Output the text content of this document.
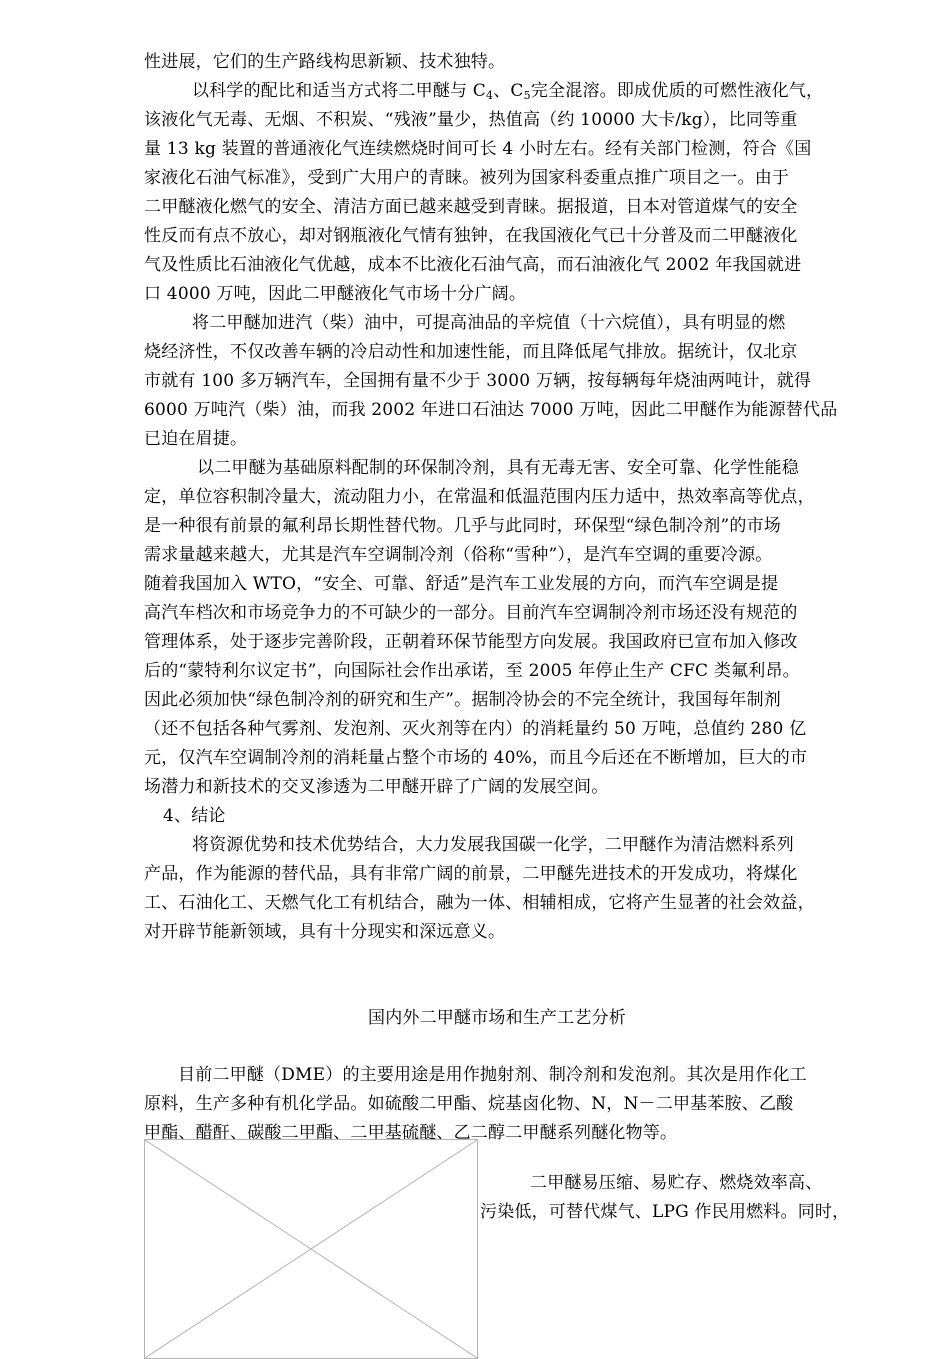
性进展，它们的生产路线构思新颖、技术独特。
以科学的配比和适当方式将二甲醚与 $C_4$、$C_5$完全混溶。即成优质的可燃性液化气，
该液化气无毒、无烟、不积炭、“残液”量少，热值高（约 10000 大卡/kg），比同等重
量 13 kg 装置的普通液化气连续燃烧时间可长 4 小时左右。经有关部门检测，符合《国
家液化石油气标准》，受到广大用户的青睐。被列为国家科委重点推广项目之一。由于
二甲醚液化燃气的安全、清洁方面已越来越受到青睐。据报道，日本对管道煤气的安全
性反而有点不放心，却对钢瓶液化气情有独钟，在我国液化气已十分普及而二甲醚液化
气及性质比石油液化气优越，成本不比液化石油气高，而石油液化气 2002 年我国就进
口 4000 万吨，因此二甲醚液化气市场十分广阔。
将二甲醚加进汽（柴）油中，可提高油品的辛烷值（十六烷值），具有明显的燃
烧经济性，不仅改善车辆的冷启动性和加速性能，而且降低尾气排放。据统计，仅北京
市就有 100 多万辆汽车，全国拥有量不少于 3000 万辆，按每辆每年烧油两吨计，就得
6000 万吨汽（柴）油，而我 2002 年进口石油达 7000 万吨，因此二甲醚作为能源替代品
已迫在眉捷。
以二甲醚为基础原料配制的环保制冷剂，具有无毒无害、安全可靠、化学性能稳
定，单位容积制冷量大，流动阻力小，在常温和低温范围内压力适中，热效率高等优点，
是一种很有前景的氟利昂长期性替代物。几乎与此同时，环保型“绿色制冷剂”的市场
需求量越来越大，尤其是汽车空调制冷剂（俗称“雪种”），是汽车空调的重要冷源。
随着我国加入 WTO，“安全、可靠、舒适”是汽车工业发展的方向，而汽车空调是提
高汽车档次和市场竞争力的不可缺少的一部分。目前汽车空调制冷剂市场还没有规范的
管理体系，处于逐步完善阶段，正朝着环保节能型方向发展。我国政府已宣布加入修改
后的“蒙特利尔议定书”，向国际社会作出承诺，至 2005 年停止生产 CFC 类氟利昂。
因此必须加快“绿色制冷剂的研究和生产”。据制冷协会的不完全统计，我国每年制剂
（还不包括各种气雾剂、发泡剂、灭火剂等在内）的消耗量约 50 万吨，总值约 280 亿
元，仅汽车空调制冷剂的消耗量占整个市场的 40%，而且今后还在不断增加，巨大的市
场潜力和新技术的交叉渗透为二甲醚开辟了广阔的发展空间。
4、结论
将资源优势和技术优势结合，大力发展我国碳一化学，二甲醚作为清洁燃料系列
产品，作为能源的替代品，具有非常广阔的前景，二甲醚先进技术的开发成功，将煤化
工、石油化工、天燃气化工有机结合，融为一体、相辅相成，它将产生显著的社会效益，
对开辟节能新领域，具有十分现实和深远意义。
国内外二甲醚市场和生产工艺分析
目前二甲醚（DME）的主要用途是用作抛射剂、制冷剂和发泡剂。其次是用作化工
原料，生产多种有机化学品。如硫酸二甲酯、烷基卤化物、N，N－二甲基苯胺、乙酸
甲酯、醋酐、碳酸二甲酯、二甲基硫醚、乙二醇二甲醚系列醚化物等。
二甲醚易压缩、易贮存、燃烧效率高、
污染低，可替代煤气、LPG 作民用燃料。同时，
